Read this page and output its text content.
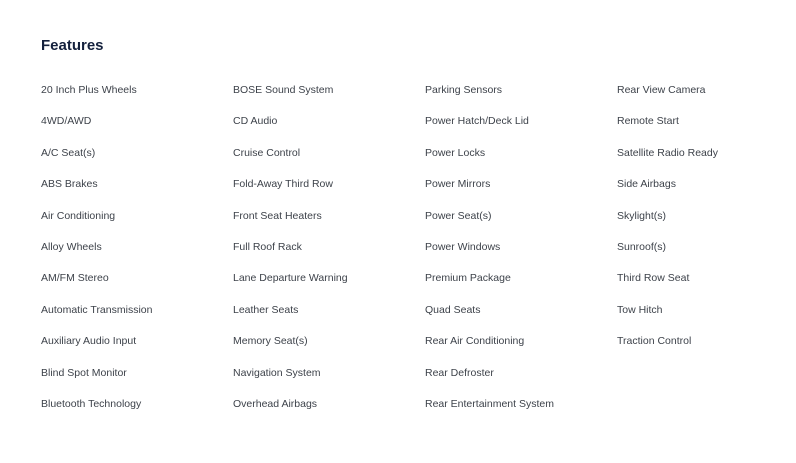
Features
20 Inch Plus Wheels
4WD/AWD
A/C Seat(s)
ABS Brakes
Air Conditioning
Alloy Wheels
AM/FM Stereo
Automatic Transmission
Auxiliary Audio Input
Blind Spot Monitor
Bluetooth Technology
BOSE Sound System
CD Audio
Cruise Control
Fold-Away Third Row
Front Seat Heaters
Full Roof Rack
Lane Departure Warning
Leather Seats
Memory Seat(s)
Navigation System
Overhead Airbags
Parking Sensors
Power Hatch/Deck Lid
Power Locks
Power Mirrors
Power Seat(s)
Power Windows
Premium Package
Quad Seats
Rear Air Conditioning
Rear Defroster
Rear Entertainment System
Rear View Camera
Remote Start
Satellite Radio Ready
Side Airbags
Skylight(s)
Sunroof(s)
Third Row Seat
Tow Hitch
Traction Control
